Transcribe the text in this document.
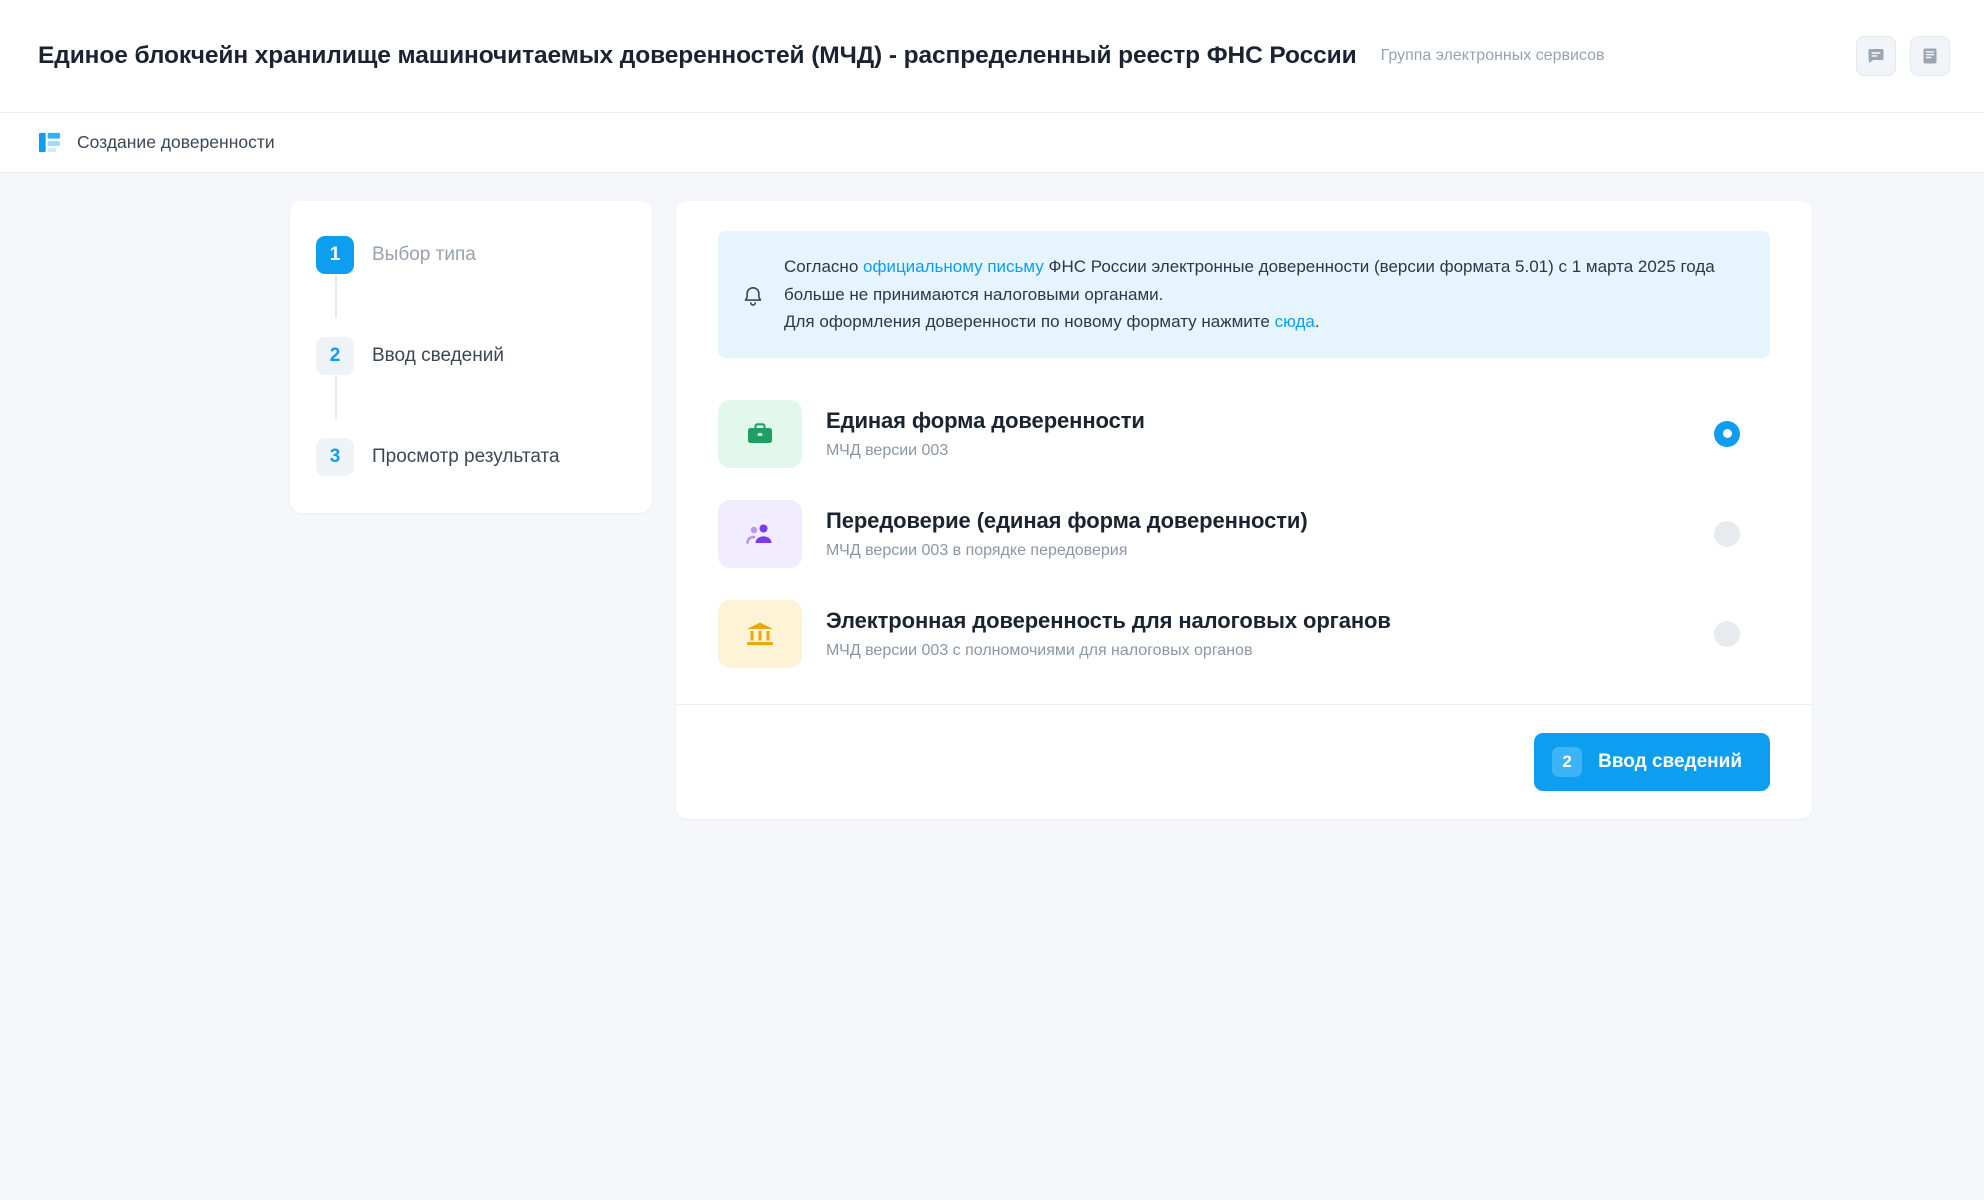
Единое блокчейн хранилище машиночитаемых доверенностей (МЧД) - распределенный реестр ФНС России Группа электронных сервисов
Создание доверенности
1	Выбор типа
2	Ввод сведений
3	Просмотр результата
Согласно официальному письму ФНС России электронные доверенности (версии формата 5.01) с 1 марта 2025 года больше не принимаются налоговыми органами.
Для оформления доверенности по новому формату нажмите сюда.
Единая форма доверенности
МЧД версии 003
Передоверие (единая форма доверенности)
МЧД версии 003 в порядке передоверия
Электронная доверенность для налоговых органов
МЧД версии 003 с полномочиями для налоговых органов
2	Ввод сведений
